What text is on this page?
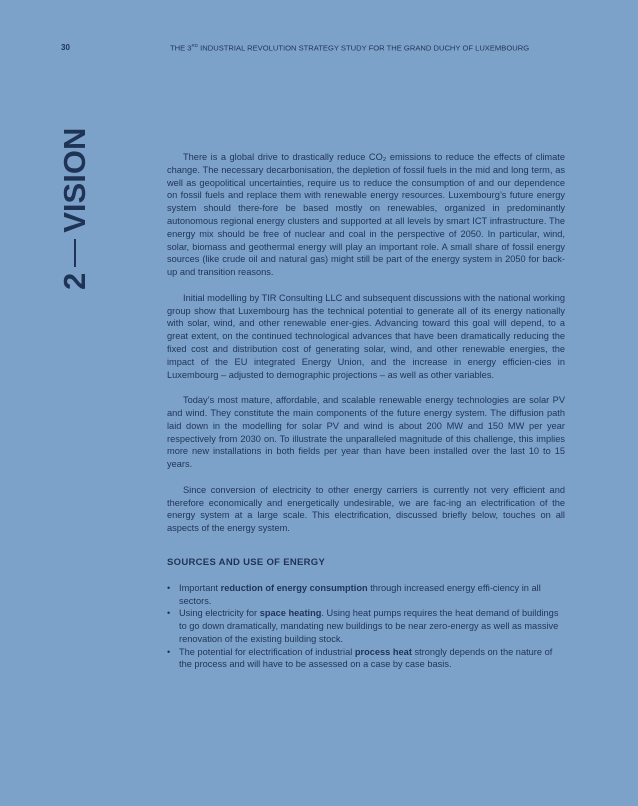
30	THE 3RD INDUSTRIAL REVOLUTION STRATEGY STUDY FOR THE GRAND DUCHY OF LUXEMBOURG
2
VISION	There is a global drive to drastically reduce CO₂ emissions to reduce the effects of climate change. The necessary decarbonisation, the depletion of fossil fuels in the mid and long term, as well as geopolitical uncertainties, require us to reduce the consumption of and our dependence on fossil fuels and replace them with renewable energy resources. Luxembourg’s future energy system should there-fore be based mostly on renewables, organized in predominantly autonomous regional energy clusters and supported at all levels by smart ICT infrastructure. The energy mix should be free of nuclear and coal in the perspective of 2050. In particular, wind, solar, biomass and geothermal energy will play an important role. A small share of fossil energy sources (like crude oil and natural gas) might still be part of the energy system in 2050 for back-up and transition reasons.

Initial modelling by TIR Consulting LLC and subsequent discussions with the national working group show that Luxembourg has the technical potential to generate all of its energy nationally with solar, wind, and other renewable ener-gies. Advancing toward this goal will depend, to a great extent, on the continued technological advances that have been dramatically reducing the fixed cost and distribution cost of generating solar, wind, and other renewable energies, the impact of the EU integrated Energy Union, and the increase in energy efficien-cies in Luxembourg – adjusted to demographic projections – as well as other variables.

Today’s most mature, affordable, and scalable renewable energy technologies are solar PV and wind. They constitute the main components of the future energy system. The diffusion path laid down in the modelling for solar PV and wind is about 200 MW and 150 MW per year respectively from 2030 on. To illustrate the unparalleled magnitude of this challenge, this implies more new installations in both fields per year than have been installed over the last 10 to 15 years.

Since conversion of electricity to other energy carriers is currently not very efficient and therefore economically and energetically undesirable, we are fac-ing an electrification of the energy system at a large scale. This electrification, discussed briefly below, touches on all aspects of the energy system.

SOURCES AND USE OF ENERGY
• Important reduction of energy consumption through increased energy effi-ciency in all sectors.
• Using electricity for space heating. Using heat pumps requires the heat demand of buildings to go down dramatically, mandating new buildings to be near zero-energy as well as massive renovation of the existing building stock.
• The potential for electrification of industrial process heat strongly depends on the nature of the process and will have to be assessed on a case by case basis.
